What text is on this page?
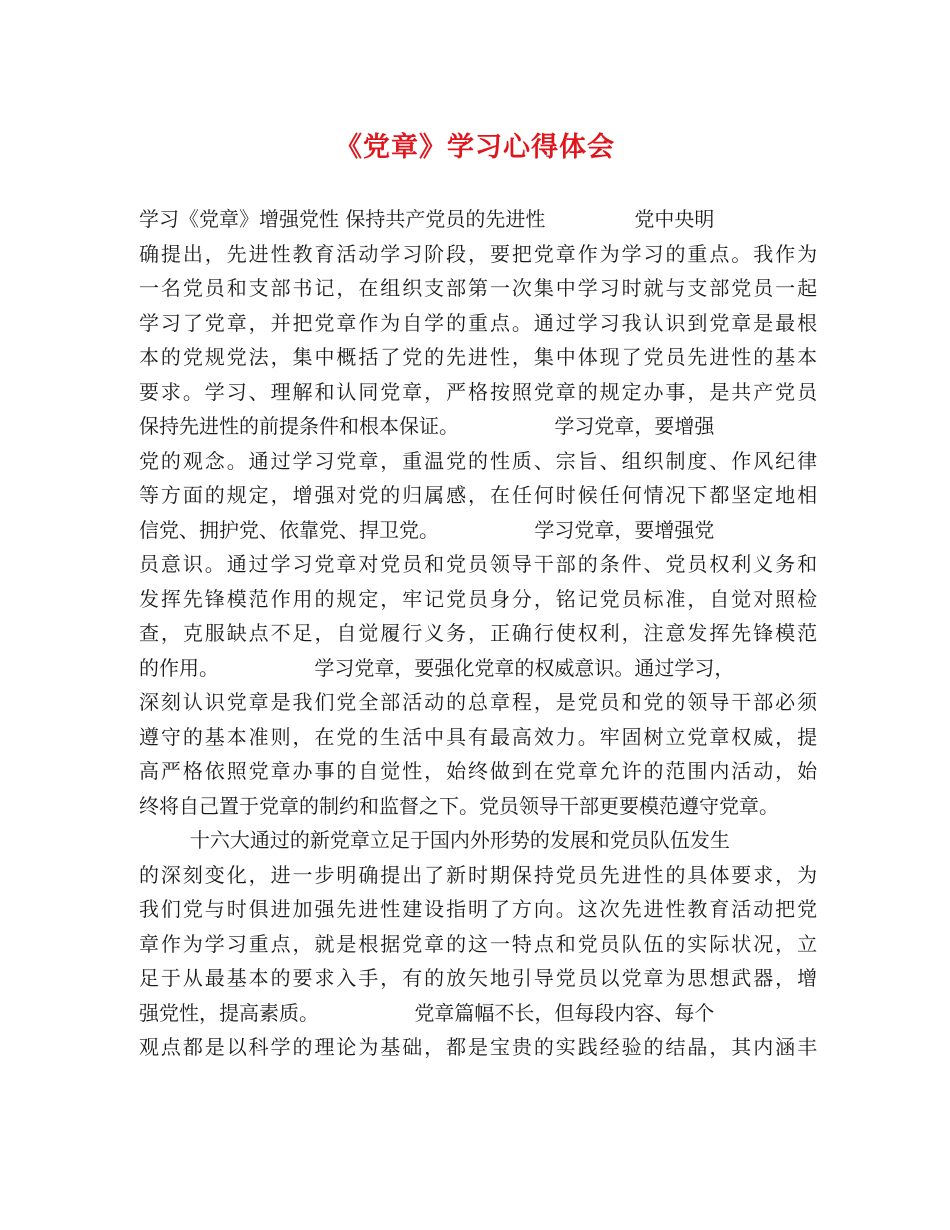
《党章》学习心得体会
学习《党章》增强党性 保持共产党员的先进性              党中央明
确提出，先进性教育活动学习阶段，要把党章作为学习的重点。我作为
一名党员和支部书记，在组织支部第一次集中学习时就与支部党员一起
学习了党章，并把党章作为自学的重点。通过学习我认识到党章是最根
本的党规党法，集中概括了党的先进性，集中体现了党员先进性的基本
要求。学习、理解和认同党章，严格按照党章的规定办事，是共产党员
保持先进性的前提条件和根本保证。               学习党章，要增强
党的观念。通过学习党章，重温党的性质、宗旨、组织制度、作风纪律
等方面的规定，增强对党的归属感，在任何时候任何情况下都坚定地相
信党、拥护党、依靠党、捍卫党。               学习党章，要增强党
员意识。通过学习党章对党员和党员领导干部的条件、党员权利义务和
发挥先锋模范作用的规定，牢记党员身分，铭记党员标准，自觉对照检
查，克服缺点不足，自觉履行义务，正确行使权利，注意发挥先锋模范
的作用。               学习党章，要强化党章的权威意识。通过学习，
深刻认识党章是我们党全部活动的总章程，是党员和党的领导干部必须
遵守的基本准则，在党的生活中具有最高效力。牢固树立党章权威，提
高严格依照党章办事的自觉性，始终做到在党章允许的范围内活动，始
终将自己置于党章的制约和监督之下。党员领导干部更要模范遵守党章。
十六大通过的新党章立足于国内外形势的发展和党员队伍发生
的深刻变化，进一步明确提出了新时期保持党员先进性的具体要求，为
我们党与时俱进加强先进性建设指明了方向。这次先进性教育活动把党
章作为学习重点，就是根据党章的这一特点和党员队伍的实际状况，立
足于从最基本的要求入手，有的放矢地引导党员以党章为思想武器，增
强党性，提高素质。               党章篇幅不长，但每段内容、每个
观点都是以科学的理论为基础，都是宝贵的实践经验的结晶，其内涵丰
